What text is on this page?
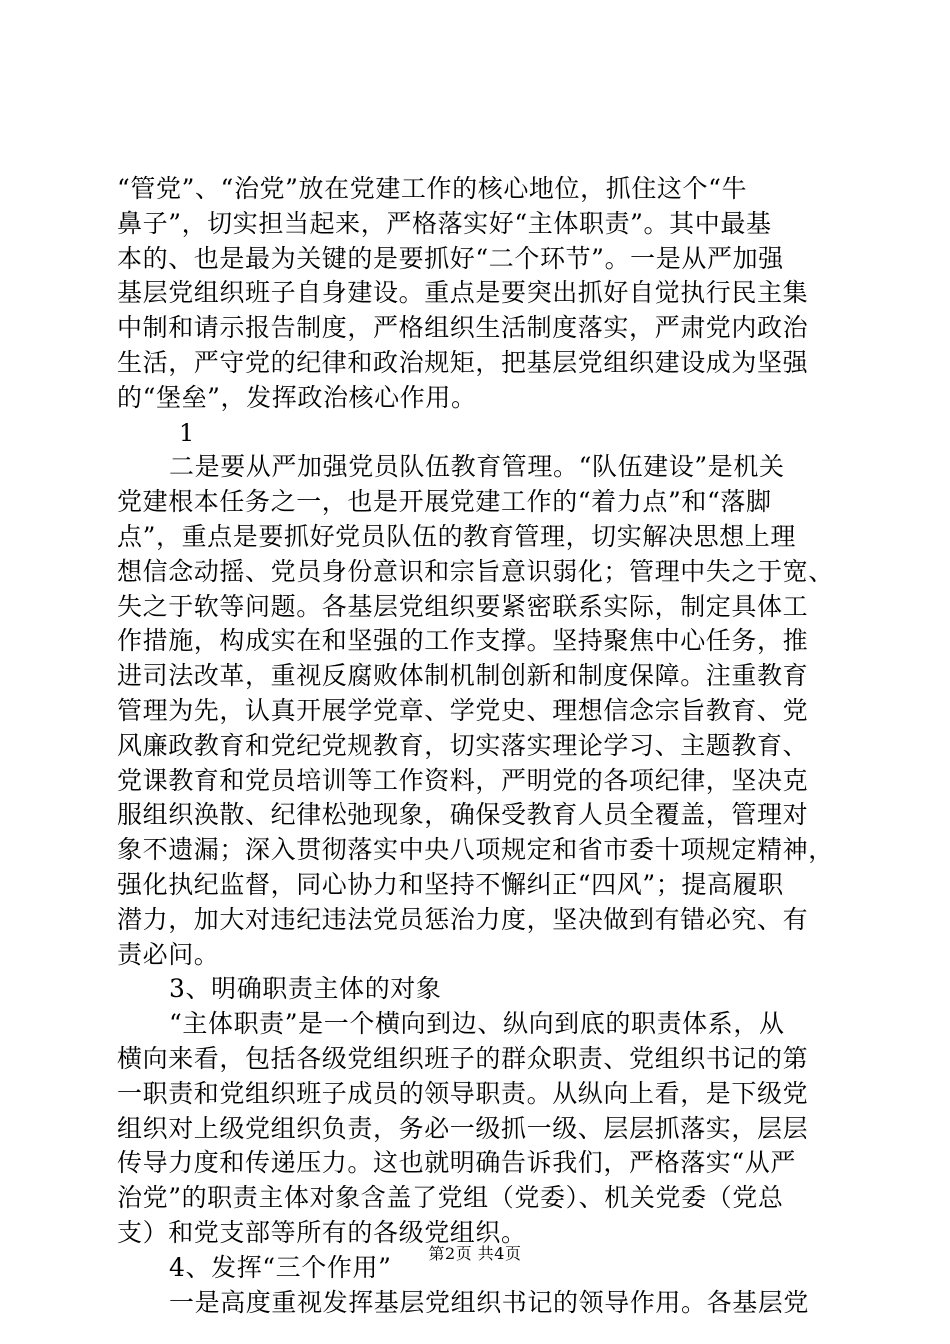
“管党”、“治党”放在党建工作的核心地位，抓住这个“牛
鼻子”，切实担当起来，严格落实好“主体职责”。其中最基
本的、也是最为关键的是要抓好“二个环节”。一是从严加强
基层党组织班子自身建设。重点是要突出抓好自觉执行民主集
中制和请示报告制度，严格组织生活制度落实，严肃党内政治
生活，严守党的纪律和政治规矩，把基层党组织建设成为坚强
的“堡垒”，发挥政治核心作用。
1
二是要从严加强党员队伍教育管理。“队伍建设”是机关
党建根本任务之一，也是开展党建工作的“着力点”和“落脚
点”，重点是要抓好党员队伍的教育管理，切实解决思想上理
想信念动摇、党员身份意识和宗旨意识弱化；管理中失之于宽、
失之于软等问题。各基层党组织要紧密联系实际，制定具体工
作措施，构成实在和坚强的工作支撑。坚持聚焦中心任务，推
进司法改革，重视反腐败体制机制创新和制度保障。注重教育
管理为先，认真开展学党章、学党史、理想信念宗旨教育、党
风廉政教育和党纪党规教育，切实落实理论学习、主题教育、
党课教育和党员培训等工作资料，严明党的各项纪律，坚决克
服组织涣散、纪律松弛现象，确保受教育人员全覆盖，管理对
象不遗漏；深入贯彻落实中央八项规定和省市委十项规定精神，
强化执纪监督，同心协力和坚持不懈纠正“四风”；提高履职
潜力，加大对违纪违法党员惩治力度，坚决做到有错必究、有
责必问。
3、明确职责主体的对象
“主体职责”是一个横向到边、纵向到底的职责体系，从
横向来看，包括各级党组织班子的群众职责、党组织书记的第
一职责和党组织班子成员的领导职责。从纵向上看，是下级党
组织对上级党组织负责，务必一级抓一级、层层抓落实，层层
传导力度和传递压力。这也就明确告诉我们，严格落实“从严
治党”的职责主体对象含盖了党组（党委）、机关党委（党总
支）和党支部等所有的各级党组织。
4、发挥“三个作用”
一是高度重视发挥基层党组织书记的领导作用。各基层党
第2页 共4页
